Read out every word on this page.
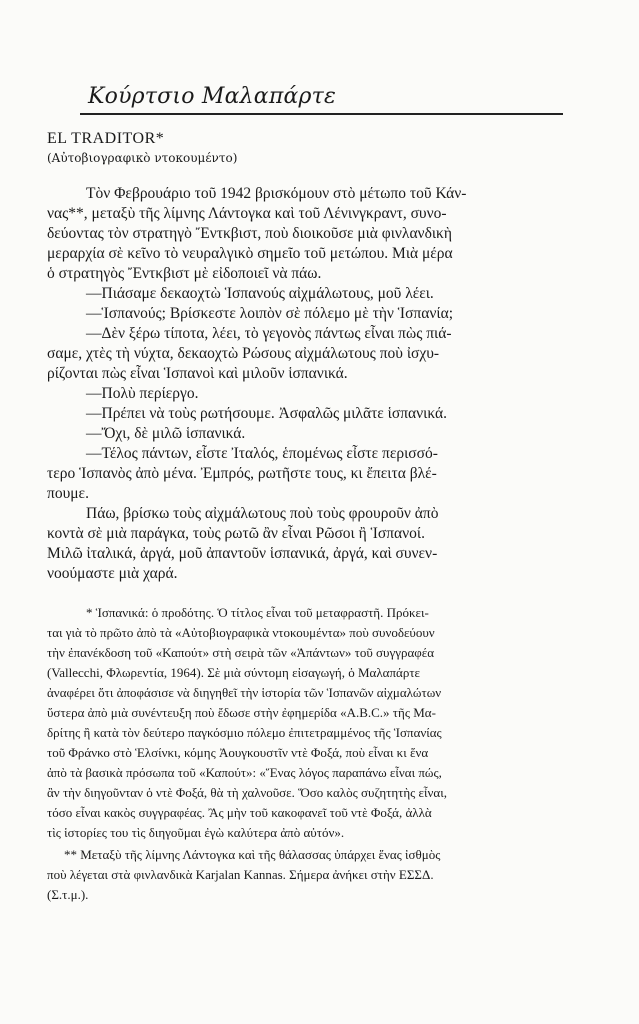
Κούρτσιο Μαλαπάρτε
EL TRADITOR*
(Αὐτοβιογραφικὸ ντοκουμέντο)
Τὸν Φεβρουάριο τοῦ 1942 βρισκόμουν στὸ μέτωπο τοῦ Κάν-
νας**, μεταξὺ τῆς λίμνης Λάντογκα καὶ τοῦ Λένινγκραντ, συνο-
δεύοντας τὸν στρατηγὸ Ἔντκβιστ, ποὺ διοικοῦσε μιὰ φινλανδικὴ
μεραρχία σὲ κεῖνο τὸ νευραλγικὸ σημεῖο τοῦ μετώπου. Μιὰ μέρα
ὁ στρατηγὸς Ἔντκβιστ μὲ εἰδοποιεῖ νὰ πάω.
—Πιάσαμε δεκαοχτὼ Ἱσπανούς αἰχμάλωτους, μοῦ λέει.
—Ἱσπανούς; Βρίσκεστε λοιπὸν σὲ πόλεμο μὲ τὴν Ἱσπανία;
—Δὲν ξέρω τίποτα, λέει, τὸ γεγονὸς πάντως εἶναι πὼς πιά-
σαμε, χτὲς τὴ νύχτα, δεκαοχτὼ Ρώσους αἰχμάλωτους ποὺ ἰσχυ-
ρίζονται πὼς εἶναι Ἱσπανοὶ καὶ μιλοῦν ἱσπανικά.
—Πολὺ περίεργο.
—Πρέπει νὰ τοὺς ρωτήσουμε. Ἀσφαλῶς μιλᾶτε ἱσπανικά.
—Ὄχι, δὲ μιλῶ ἱσπανικά.
—Τέλος πάντων, εἶστε Ἰταλός, ἑπομένως εἶστε περισσό-
τερο Ἱσπανὸς ἀπὸ μένα. Ἐμπρός, ρωτῆστε τους, κι ἔπειτα βλέ-
πουμε.
Πάω, βρίσκω τοὺς αἰχμάλωτους ποὺ τοὺς φρουροῦν ἀπὸ
κοντὰ σὲ μιὰ παράγκα, τοὺς ρωτῶ ἂν εἶναι Ρῶσοι ἢ Ἱσπανοί.
Μιλῶ ἰταλικά, ἀργά, μοῦ ἀπαντοῦν ἱσπανικά, ἀργά, καὶ συνεν-
νοούμαστε μιὰ χαρά.
* Ἱσπανικά: ὁ προδότης. Ὁ τίτλος εἶναι τοῦ μεταφραστῆ. Πρόκει-
ται γιὰ τὸ πρῶτο ἀπὸ τὰ «Αὐτοβιογραφικὰ ντοκουμέντα» ποὺ συνοδεύουν
τὴν ἐπανέκδοση τοῦ «Καπούτ» στὴ σειρὰ τῶν «Ἁπάντων» τοῦ συγγραφέα
(Vallecchi, Φλωρεντία, 1964). Σὲ μιὰ σύντομη εἰσαγωγή, ὁ Μαλαπάρτε
ἀναφέρει ὅτι ἀποφάσισε νὰ διηγηθεῖ τὴν ἱστορία τῶν Ἱσπανῶν αἰχμαλώτων
ὕστερα ἀπὸ μιὰ συνέντευξη ποὺ ἔδωσε στὴν ἐφημερίδα «A.B.C.» τῆς Μα-
δρίτης ἢ κατὰ τὸν δεύτερο παγκόσμιο πόλεμο ἐπιτετραμμένος τῆς Ἱσπανίας
τοῦ Φράνκο στὸ Ἑλσίνκι, κόμης Ἀουγκουστῖν ντὲ Φοξά, ποὺ εἶναι κι ἕνα
ἀπὸ τὰ βασικὰ πρόσωπα τοῦ «Καπούτ»: «Ἕνας λόγος παραπάνω εἶναι πώς,
ἂν τὴν διηγοῦνταν ὁ ντὲ Φοξά, θὰ τὴ χαλνοῦσε. Ὅσο καλὸς συζητητὴς εἶναι,
τόσο εἶναι κακὸς συγγραφέας. Ἂς μὴν τοῦ κακοφανεῖ τοῦ ντὲ Φοξά, ἀλλὰ
τὶς ἱστορίες του τὶς διηγοῦμαι ἐγὼ καλύτερα ἀπὸ αὐτόν».
** Μεταξὺ τῆς λίμνης Λάντογκα καὶ τῆς θάλασσας ὑπάρχει ἕνας ἰσθμὸς
ποὺ λέγεται στὰ φινλανδικὰ Karjalan Kannas. Σήμερα ἀνήκει στὴν ΕΣΣΔ.
(Σ.τ.μ.).
